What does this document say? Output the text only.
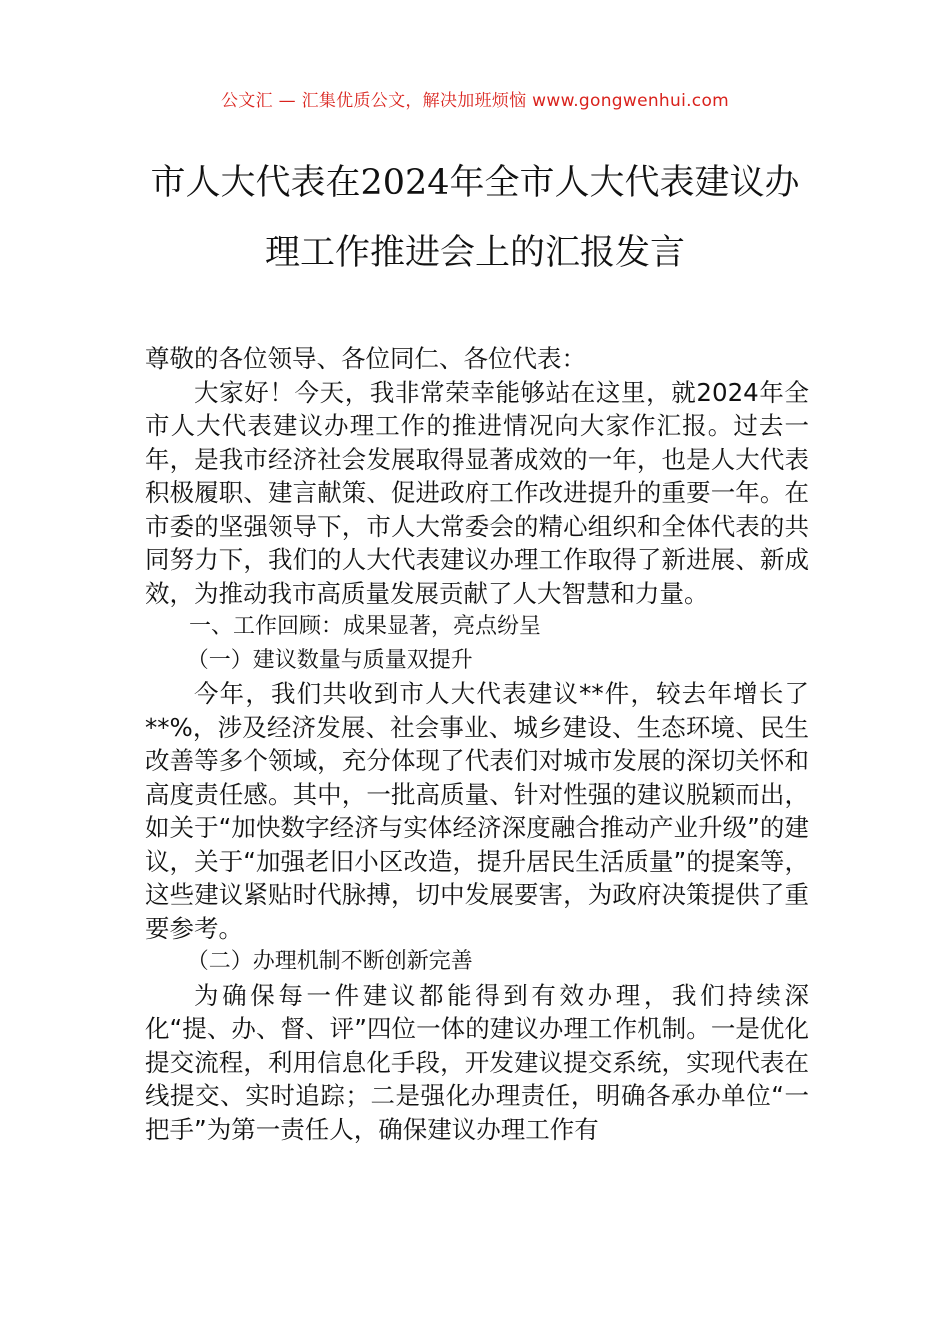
公文汇 — 汇集优质公文，解决加班烦恼 www.gongwenhui.com
市人大代表在2024年全市人大代表建议办
理工作推进会上的汇报发言

尊敬的各位领导、各位同仁、各位代表：

大家好！今天，我非常荣幸能够站在这里，就2024年全市人大代表建议办理工作的推进情况向大家作汇报。过去一年，是我市经济社会发展取得显著成效的一年，也是人大代表积极履职、建言献策、促进政府工作改进提升的重要一年。在市委的坚强领导下，市人大常委会的精心组织和全体代表的共同努力下，我们的人大代表建议办理工作取得了新进展、新成效，为推动我市高质量发展贡献了人大智慧和力量。

一、工作回顾：成果显著，亮点纷呈

（一）建议数量与质量双提升

今年，我们共收到市人大代表建议**件，较去年增长了**%，涉及经济发展、社会事业、城乡建设、生态环境、民生改善等多个领域，充分体现了代表们对城市发展的深切关怀和高度责任感。其中，一批高质量、针对性强的建议脱颖而出，如关于“加快数字经济与实体经济深度融合推动产业升级”的建议，关于“加强老旧小区改造，提升居民生活质量”的提案等，这些建议紧贴时代脉搏，切中发展要害，为政府决策提供了重要参考。

（二）办理机制不断创新完善

为确保每一件建议都能得到有效办理，我们持续深化“提、办、督、评”四位一体的建议办理工作机制。一是优化提交流程，利用信息化手段，开发建议提交系统，实现代表在线提交、实时追踪；二是强化办理责任，明确各承办单位“一把手”为第一责任人，确保建议办理工作有
